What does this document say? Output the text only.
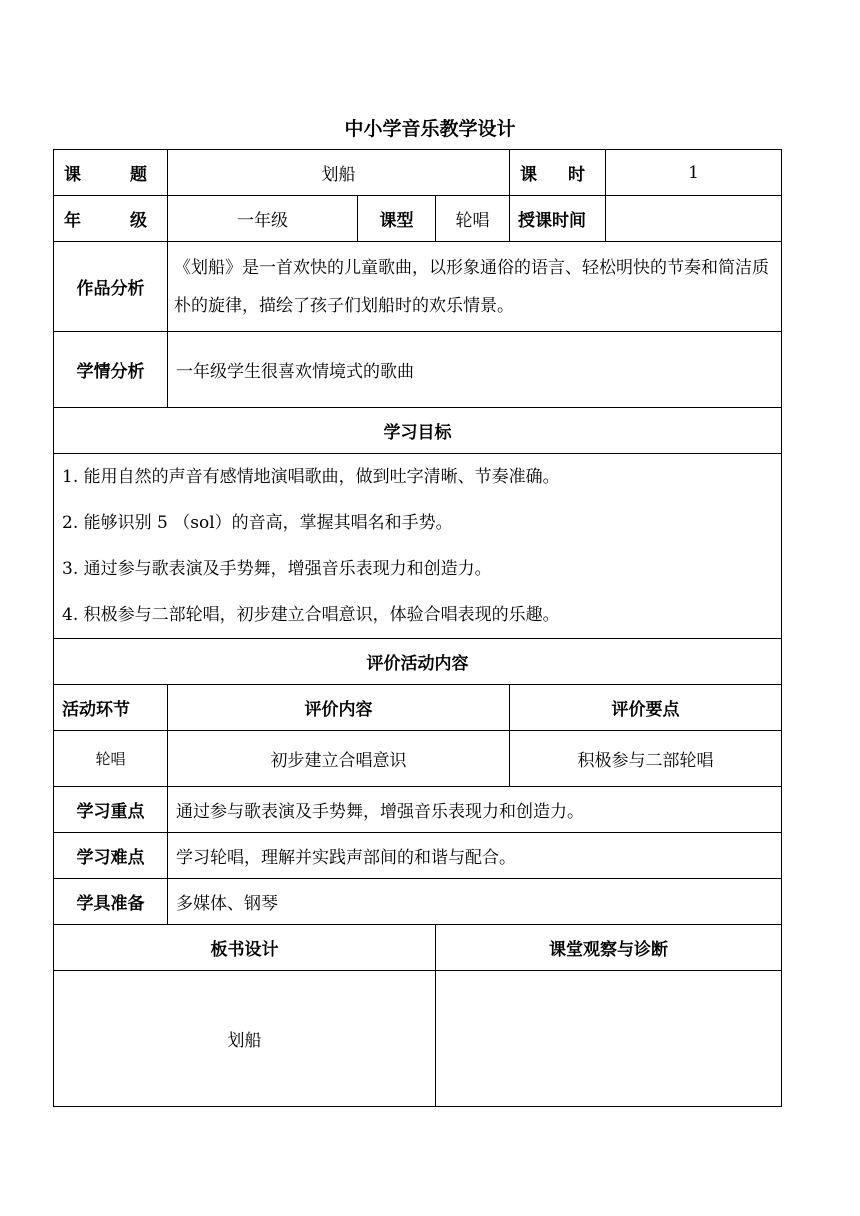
中小学音乐教学设计
课 题	划船			课 时	1

年 级	一年级	课型	轮唱	授课时间	
作品分析	《划船》是一首欢快的儿童歌曲，以形象通俗的语言、轻松明快的节奏和简洁质朴的旋律，描绘了孩子们划船时的欢乐情景。				
学情分析	一年级学生很喜欢情境式的歌曲				
学习目标					

1. 能用自然的声音有感情地演唱歌曲，做到吐字清晰、节奏准确。
2. 能够识别 5 （sol）的音高，掌握其唱名和手势。
3. 通过参与歌表演及手势舞，增强音乐表现力和创造力。
4. 积极参与二部轮唱，初步建立合唱意识，体验合唱表现的乐趣。					

评价活动内容					
活动环节	评价内容			评价要点	
轮唱	初步建立合唱意识			积极参与二部轮唱	
学习重点	通过参与歌表演及手势舞，增强音乐表现力和创造力。				
学习难点	学习轮唱，理解并实践声部间的和谐与配合。				
学具准备	多媒体、钢琴				
板书设计			课堂观察与诊断		
划船					
